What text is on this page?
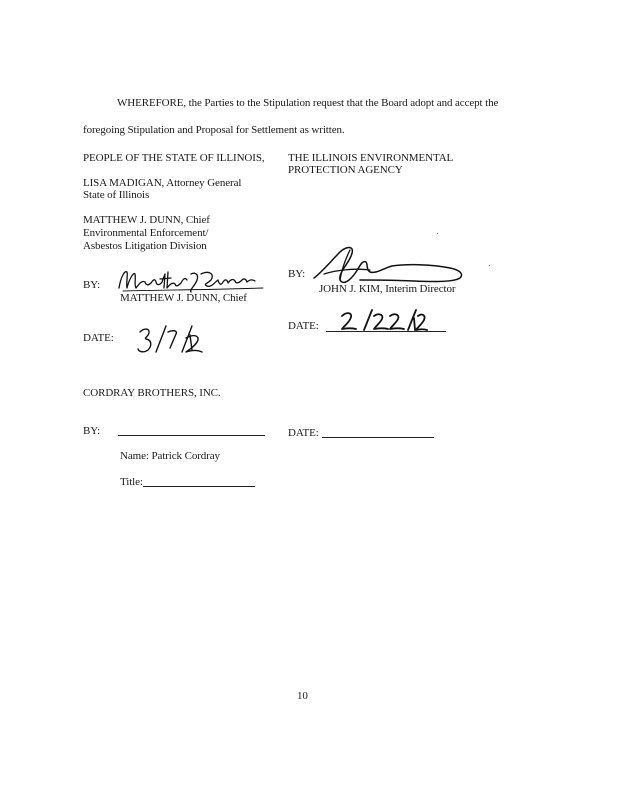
WHEREFORE, the Parties to the Stipulation request that the Board adopt and accept the
foregoing Stipulation and Proposal for Settlement as written.
PEOPLE OF THE STATE OF ILLINOIS,
LISA MADIGAN, Attorney General
State of Illinois
MATTHEW J. DUNN, Chief
Environmental Enforcement/
Asbestos Litigation Division
THE ILLINOIS ENVIRONMENTAL
PROTECTION AGENCY
BY:
MATTHEW J. DUNN, Chief
BY:
JOHN J. KIM, Interim Director
DATE:
DATE:
CORDRAY BROTHERS, INC.
BY:	DATE:
Name: Patrick Cordray
Title:
10
